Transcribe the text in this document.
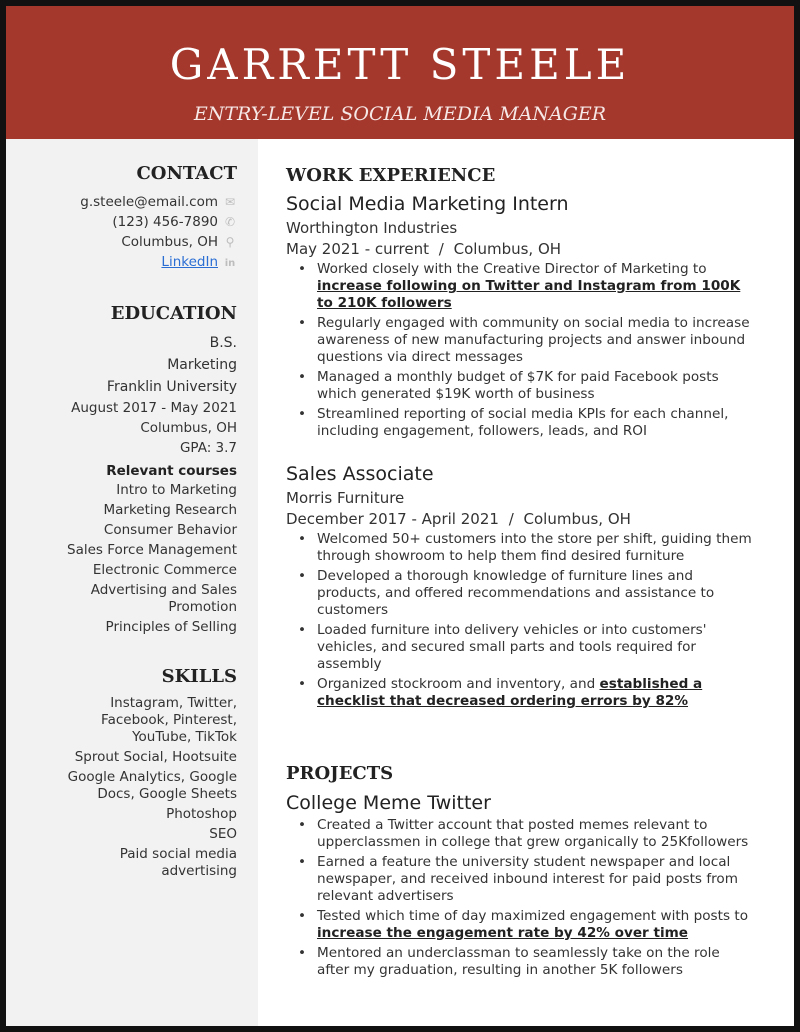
GARRETT STEELE
ENTRY-LEVEL SOCIAL MEDIA MANAGER
CONTACT
g.steele@email.com ✉
(123) 456-7890 ✆
Columbus, OH ⚲
LinkedIn in
EDUCATION
B.S.
Marketing
Franklin University
August 2017 - May 2021
Columbus, OH
GPA: 3.7
Relevant courses
Intro to Marketing
Marketing Research
Consumer Behavior
Sales Force Management
Electronic Commerce
Advertising and Sales Promotion
Principles of Selling
SKILLS
Instagram, Twitter, Facebook, Pinterest, YouTube, TikTok
Sprout Social, Hootsuite
Google Analytics, Google Docs, Google Sheets
Photoshop
SEO
Paid social media advertising
WORK EXPERIENCE
Social Media Marketing Intern
Worthington Industries
May 2021 - current / Columbus, OH
• Worked closely with the Creative Director of Marketing to increase following on Twitter and Instagram from 100K to 210K followers
• Regularly engaged with community on social media to increase awareness of new manufacturing projects and answer inbound questions via direct messages
• Managed a monthly budget of $7K for paid Facebook posts which generated $19K worth of business
• Streamlined reporting of social media KPIs for each channel, including engagement, followers, leads, and ROI
Sales Associate
Morris Furniture
December 2017 - April 2021 / Columbus, OH
• Welcomed 50+ customers into the store per shift, guiding them through showroom to help them find desired furniture
• Developed a thorough knowledge of furniture lines and products, and offered recommendations and assistance to customers
• Loaded furniture into delivery vehicles or into customers' vehicles, and secured small parts and tools required for assembly
• Organized stockroom and inventory, and established a checklist that decreased ordering errors by 82%
PROJECTS
College Meme Twitter
• Created a Twitter account that posted memes relevant to upperclassmen in college that grew organically to 25Kfollowers
• Earned a feature the university student newspaper and local newspaper, and received inbound interest for paid posts from relevant advertisers
• Tested which time of day maximized engagement with posts to increase the engagement rate by 42% over time
• Mentored an underclassman to seamlessly take on the role after my graduation, resulting in another 5K followers
